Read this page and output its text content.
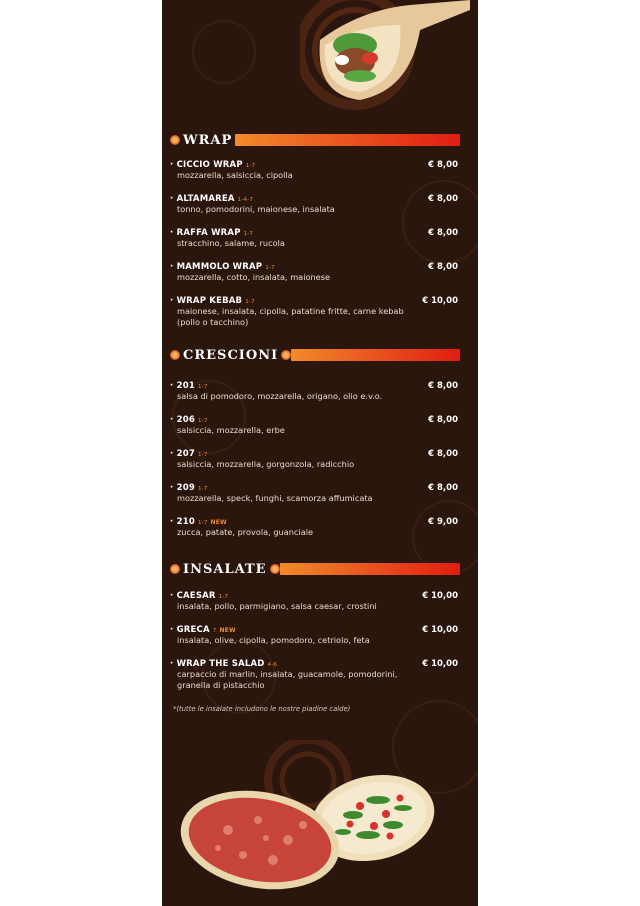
WRAP
· CICCIO WRAP 1-7
mozzarella, salsiccia, cipolla
€ 8,00
· ALTAMAREA 1-4-7
tonno, pomodorini, maionese, insalata
€ 8,00
· RAFFA WRAP 1-7
stracchino, salame, rucola
€ 8,00
· MAMMOLO WRAP 1-7
mozzarella, cotto, insalata, maionese
€ 8,00
· WRAP KEBAB 1-7
maionese, insalata, cipolla, patatine fritte, carne kebab (pollo o tacchino)
€ 10,00
CRESCIONI
· 201 1-7
salsa di pomodoro, mozzarella, origano, olio e.v.o.
€ 8,00
· 206 1-7
salsiccia, mozzarella, erbe
€ 8,00
· 207 1-7
salsiccia, mozzarella, gorgonzola, radicchio
€ 8,00
· 209 1-7
mozzarella, speck, funghi, scamorza affumicata
€ 8,00
· 210 1-7 NEW
zucca, patate, provola, guanciale
€ 9,00
INSALATE
· CAESAR 1-7
insalata, pollo, parmigiano, salsa caesar, crostini
€ 10,00
· GRECA 7 NEW
insalata, olive, cipolla, pomodoro, cetriolo, feta
€ 10,00
· WRAP THE SALAD 4-6
carpaccio di marlin, insalata, guacamole, pomodorini, granella di pistacchio
€ 10,00
*(tutte le insalate includono le nostre piadine calde)
